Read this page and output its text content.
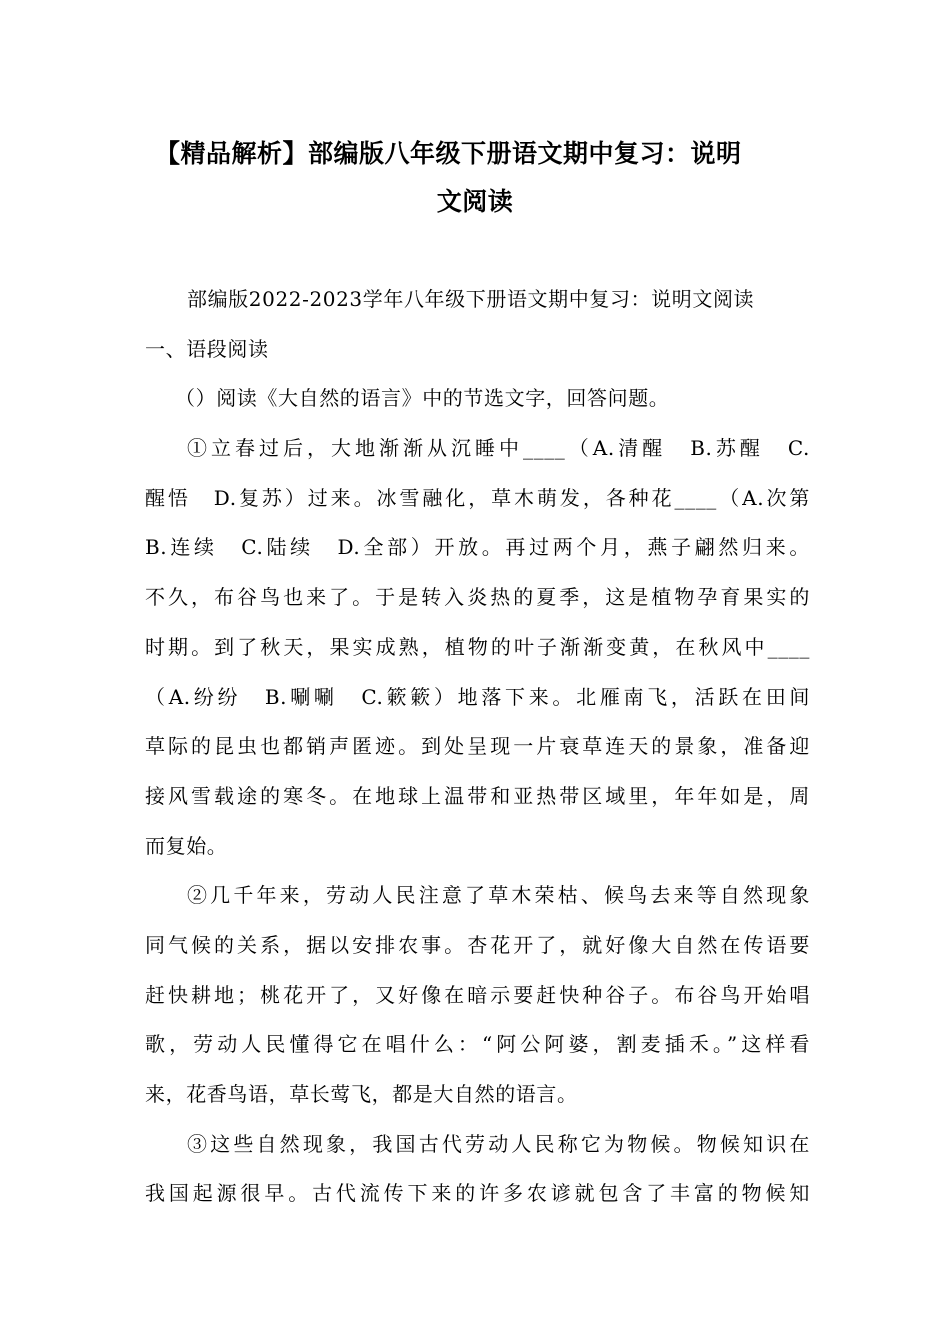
【精品解析】部编版八年级下册语文期中复习：说明
文阅读
部编版2022-2023学年八年级下册语文期中复习：说明文阅读
一、语段阅读
（）阅读《大自然的语言》中的节选文字，回答问题。
①立春过后，大地渐渐从沉睡中____（A.清醒　B.苏醒　C.
醒悟　D.复苏）过来。冰雪融化，草木萌发，各种花____（A.次第
B.连续　C.陆续　D.全部）开放。再过两个月，燕子翩然归来。
不久，布谷鸟也来了。于是转入炎热的夏季，这是植物孕育果实的
时期。到了秋天，果实成熟，植物的叶子渐渐变黄，在秋风中____
（A.纷纷　B.唰唰　C.簌簌）地落下来。北雁南飞，活跃在田间
草际的昆虫也都销声匿迹。到处呈现一片衰草连天的景象，准备迎
接风雪载途的寒冬。在地球上温带和亚热带区域里，年年如是，周
而复始。
②几千年来，劳动人民注意了草木荣枯、候鸟去来等自然现象
同气候的关系，据以安排农事。杏花开了，就好像大自然在传语要
赶快耕地；桃花开了，又好像在暗示要赶快种谷子。布谷鸟开始唱
歌，劳动人民懂得它在唱什么：“阿公阿婆，割麦插禾。”这样看
来，花香鸟语，草长莺飞，都是大自然的语言。
③这些自然现象，我国古代劳动人民称它为物候。物候知识在
我国起源很早。古代流传下来的许多农谚就包含了丰富的物候知
